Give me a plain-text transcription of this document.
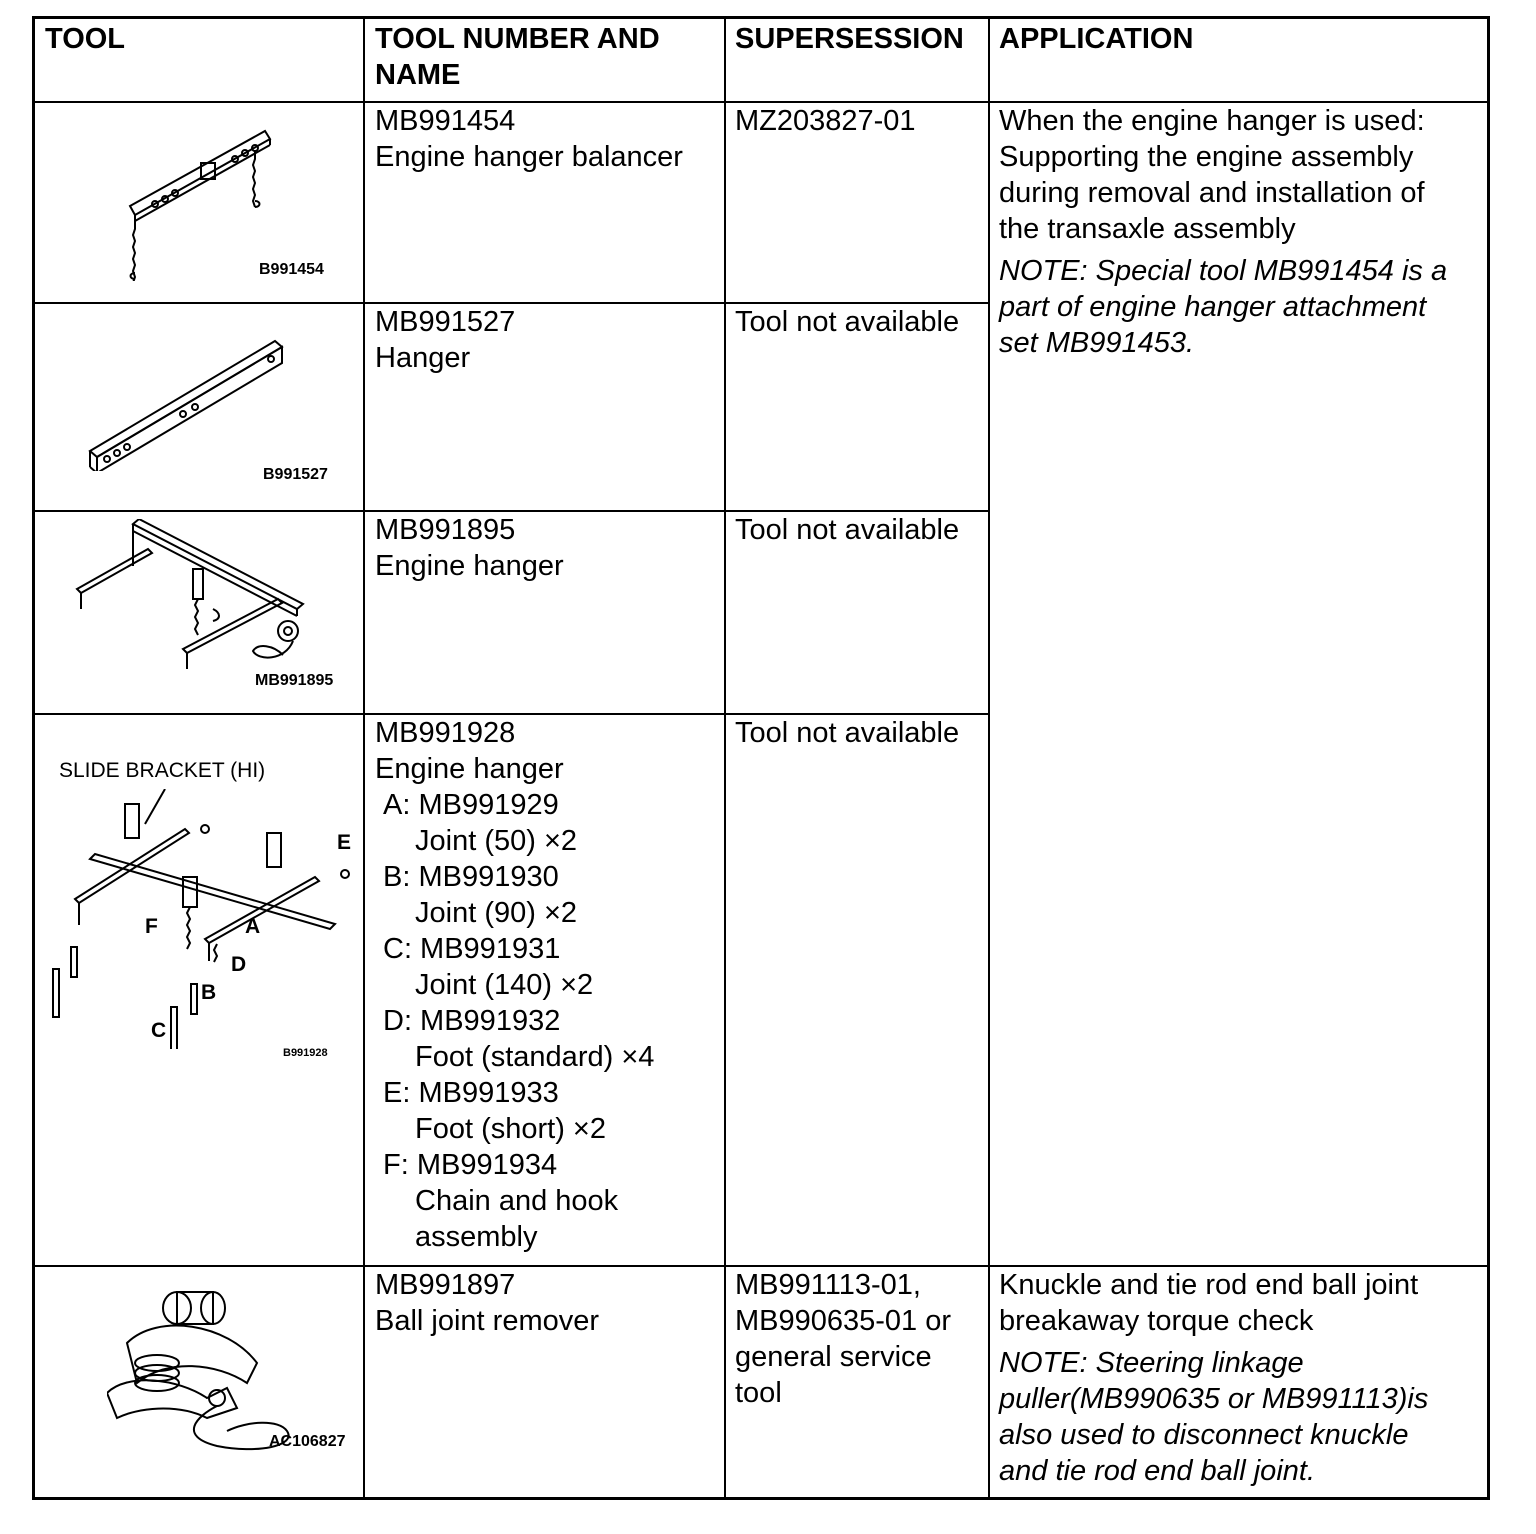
TOOL	TOOL NUMBER AND
NAME
SUPERSESSION APPLICATION
MB991454
Engine hanger balancer
MZ203827-01	When the engine hanger is used:
Supporting the engine assembly
during removal and installation of
the transaxle assembly
NOTE: Special tool MB991454 is a
part of engine hanger attachment
set MB991453.
MB991527
Hanger
Tool not available
MB991895
Engine hanger
Tool not available
MB991928
Engine hanger
A: MB991929
Joint (50) ×2
B: MB991930
Joint (90) ×2
C: MB991931
Joint (140) ×2
D: MB991932
Foot (standard) ×4
E: MB991933
Foot (short) ×2
F: MB991934
Chain and hook
assembly
Tool not available
MB991897
Ball joint remover
MB991113-01,
MB990635-01 or
general service
tool
Knuckle and tie rod end ball joint
breakaway torque check
NOTE: Steering linkage
puller(MB990635 or MB991113)is
also used to disconnect knuckle
and tie rod end ball joint.
B991454
B991527
MB991895
SLIDE BRACKET (HI)
A
B
C
D
E
F
B991928
AC106827
